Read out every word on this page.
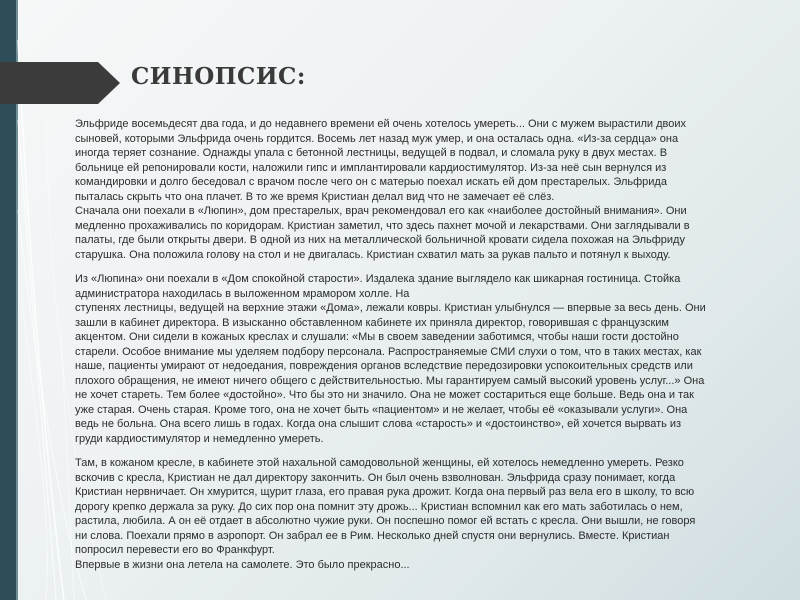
СИНОПСИС:

Эльфриде восемьдесят два года, и до недавнего времени ей очень хотелось умереть... Они с мужем вырастили двоих
сыновей, которыми Эльфрида очень гордится. Восемь лет назад муж умер, и она осталась одна. «Из-за сердца» она
иногда теряет сознание. Однажды упала с бетонной лестницы, ведущей в подвал, и сломала руку в двух местах. В
больнице ей репонировали кости, наложили гипс и имплантировали кардиостимулятор. Из-за неё сын вернулся из
командировки и долго беседовал с врачом после чего он с матерью поехал искать ей дом престарелых. Эльфрида
пыталась скрыть что она плачет. В то же время Кристиан делал вид что не замечает её слёз.

Сначала они поехали в «Люпин», дом престарелых, врач рекомендовал его как «наиболее достойный внимания». Они
медленно прохаживались по коридорам. Кристиан заметил, что здесь пахнет мочой и лекарствами. Они заглядывали в
палаты, где были открыты двери. В одной из них на металлической больничной кровати сидела похожая на Эльфриду
старушка. Она положила голову на стол и не двигалась. Кристиан схватил мать за рукав пальто и потянул к выходу.

Из «Люпина» они поехали в «Дом спокойной старости». Издалека здание выглядело как шикарная гостиница. Стойка
администратора находилась в выложенном мрамором холле. На
ступенях лестницы, ведущей на верхние этажи «Дома», лежали ковры. Кристиан улыбнулся — впервые за весь день. Они
зашли в кабинет директора. В изысканно обставленном кабинете их приняла директор, говорившая с французским
акцентом. Они сидели в кожаных креслах и слушали: «Мы в своем заведении заботимся, чтобы наши гости достойно
старели. Особое внимание мы уделяем подбору персонала. Распространяемые СМИ слухи о том, что в таких местах, как
наше, пациенты умирают от недоедания, повреждения органов вследствие передозировки успокоительных средств или
плохого обращения, не имеют ничего общего с действительностью. Мы гарантируем самый высокий уровень услуг...» Она
не хочет стареть. Тем более «достойно». Что бы это ни значило. Она не может состариться еще больше. Ведь она и так
уже старая. Очень старая. Кроме того, она не хочет быть «пациентом» и не желает, чтобы её «оказывали услуги». Она
ведь не больна. Она всего лишь в годах. Когда она слышит слова «старость» и «достоинство», ей хочется вырвать из
груди кардиостимулятор и немедленно умереть.

Там, в кожаном кресле, в кабинете этой нахальной самодовольной женщины, ей хотелось немедленно умереть. Резко
вскочив с кресла, Кристиан не дал директору закончить. Он был очень взволнован. Эльфрида сразу понимает, когда
Кристиан нервничает. Он хмурится, щурит глаза, его правая рука дрожит. Когда она первый раз вела его в школу, то всю
дорогу крепко держала за руку. До сих пор она помнит эту дрожь... Кристиан вспомнил как его мать заботилась о нем,
растила, любила. А он её отдает в абсолютно чужие руки. Он поспешно помог ей встать с кресла. Они вышли, не говоря
ни слова. Поехали прямо в аэропорт. Он забрал ее в Рим. Несколько дней спустя они вернулись. Вместе. Кристиан
попросил перевести его во Франкфурт.
Впервые в жизни она летела на самолете. Это было прекрасно...
